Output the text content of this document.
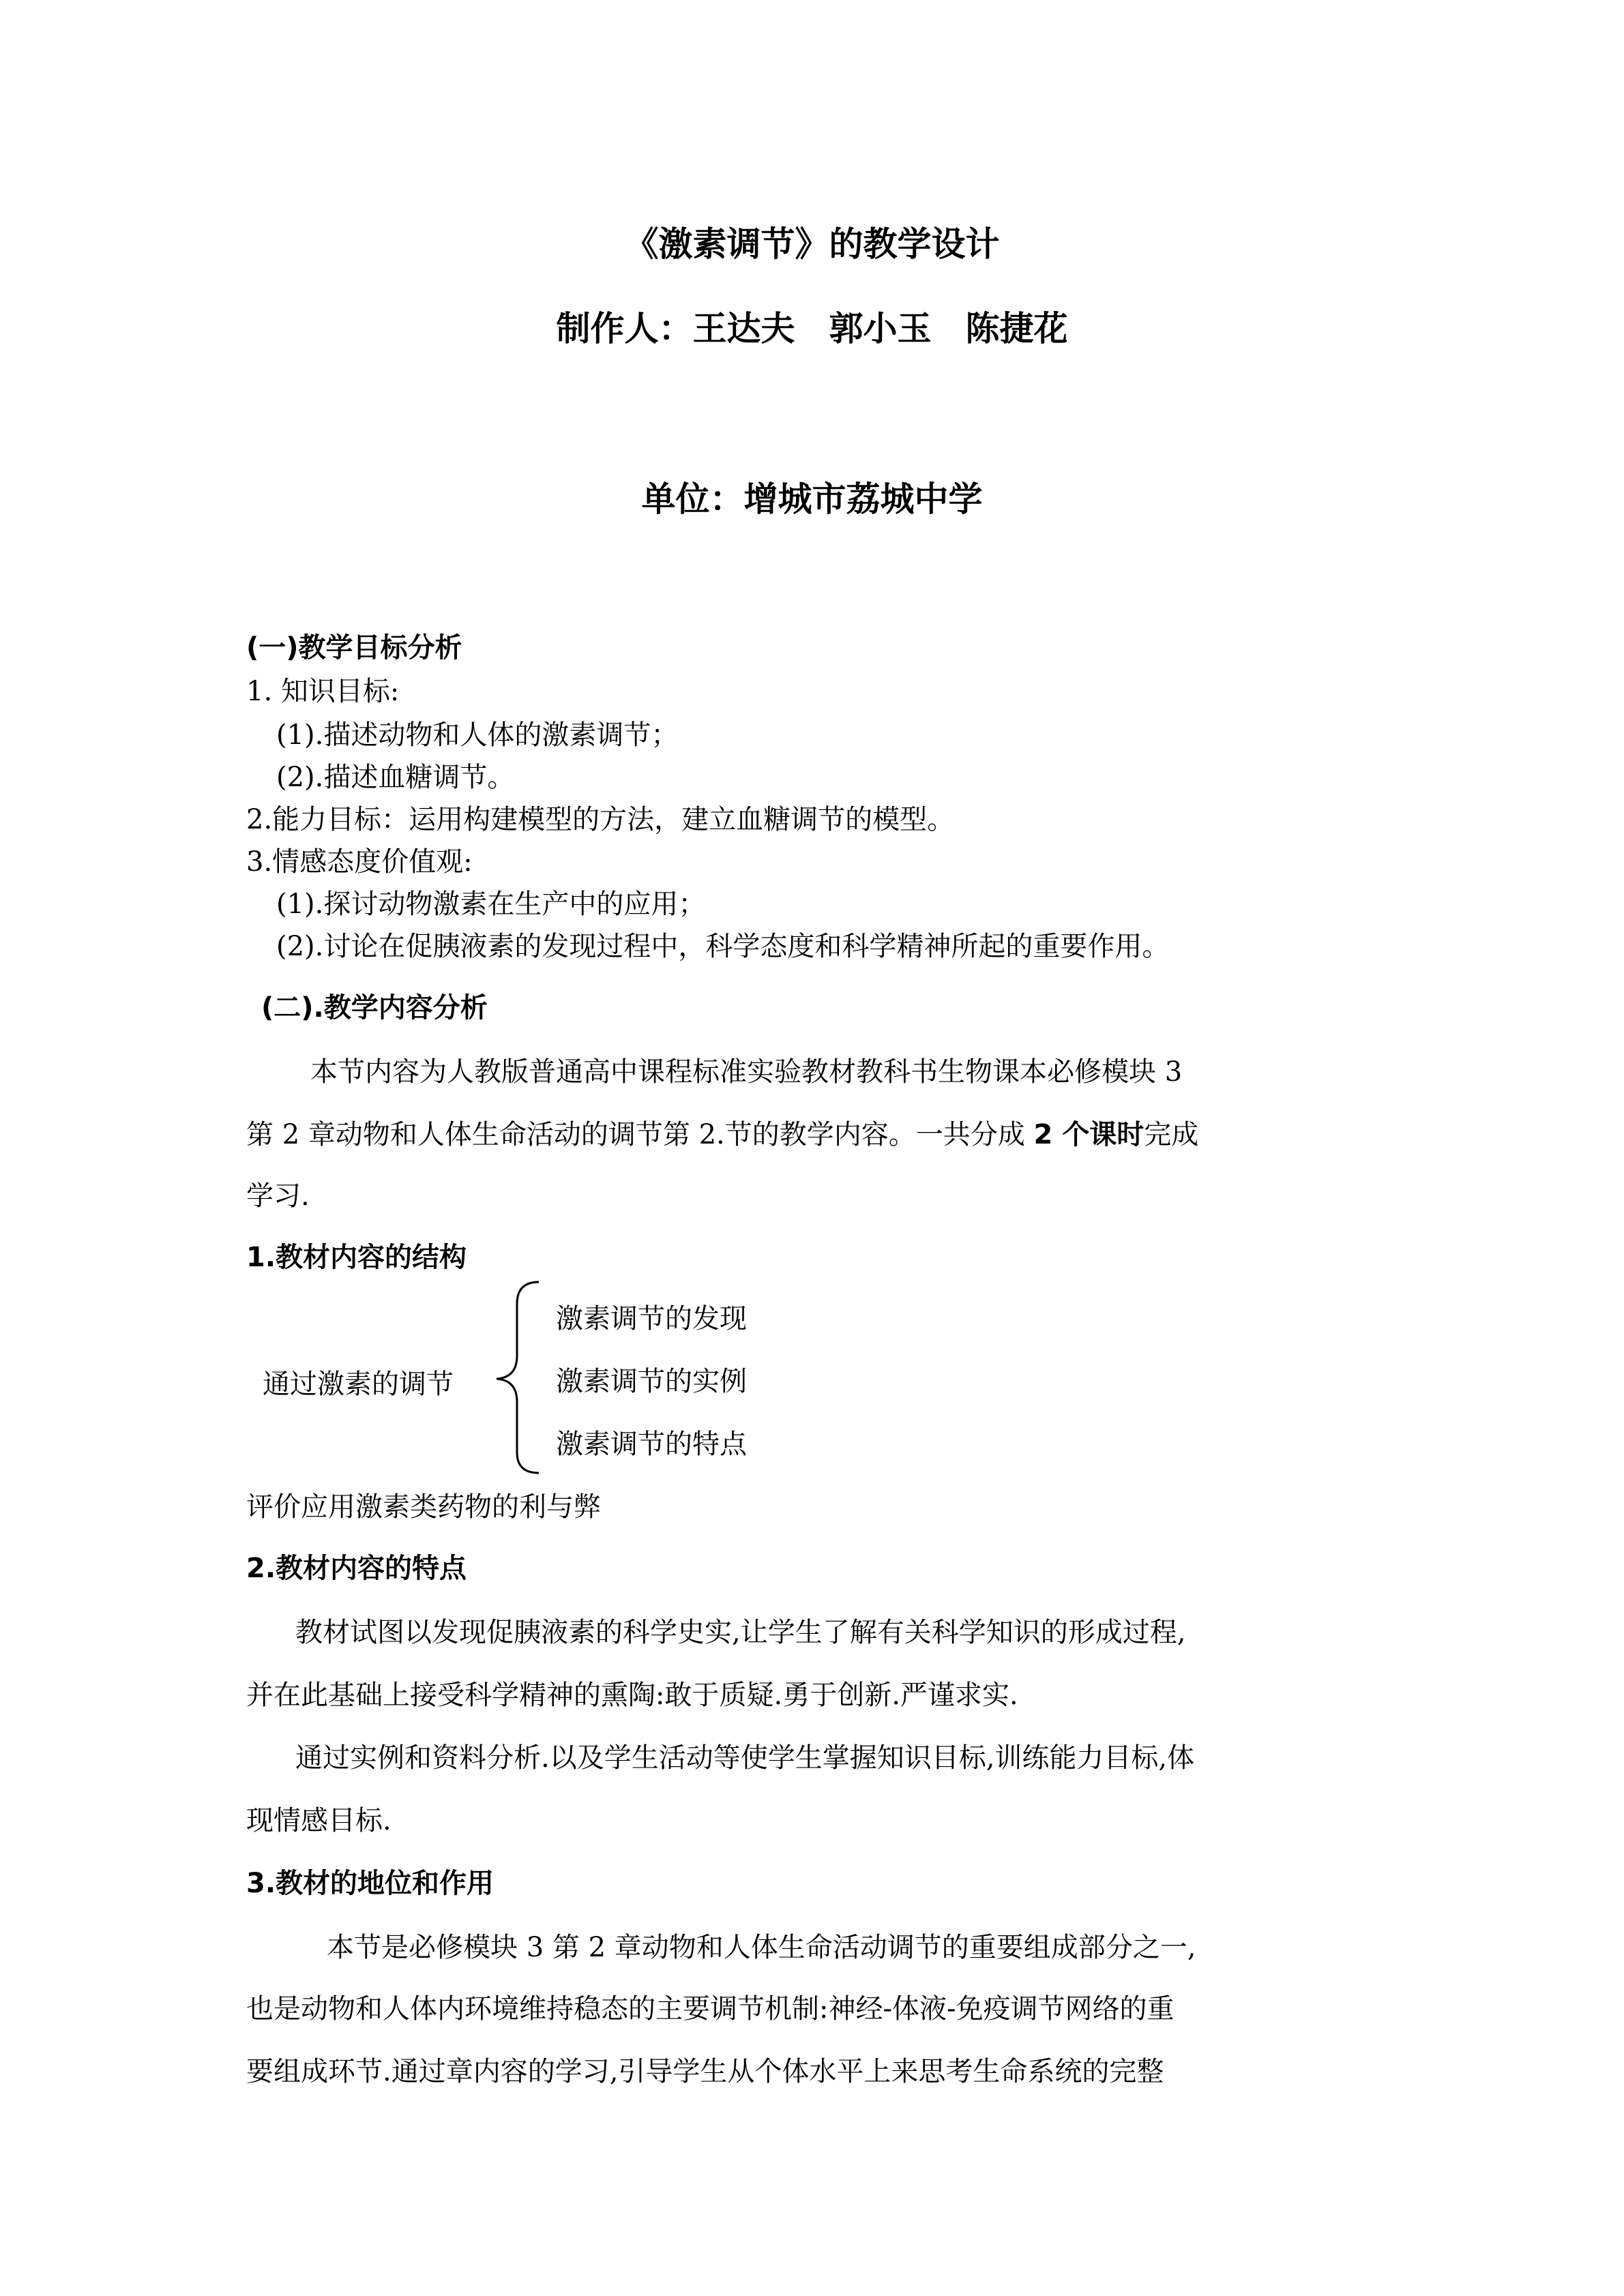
《激素调节》的教学设计
制作人：王达夫　郭小玉　陈捷花
单位：增城市荔城中学
(一)教学目标分析
1. 知识目标:
(1).描述动物和人体的激素调节；
(2).描述血糖调节。
2.能力目标：运用构建模型的方法，建立血糖调节的模型。
3.情感态度价值观:
(1).探讨动物激素在生产中的应用；
(2).讨论在促胰液素的发现过程中，科学态度和科学精神所起的重要作用。
(二).教学内容分析
本节内容为人教版普通高中课程标准实验教材教科书生物课本必修模块 3
第 2 章动物和人体生命活动的调节第 2.节的教学内容。一共分成 2 个课时完成
学习.
1.教材内容的结构
通过激素的调节
激素调节的发现
激素调节的实例
激素调节的特点
评价应用激素类药物的利与弊
2.教材内容的特点
教材试图以发现促胰液素的科学史实,让学生了解有关科学知识的形成过程,
并在此基础上接受科学精神的熏陶:敢于质疑.勇于创新.严谨求实.
通过实例和资料分析.以及学生活动等使学生掌握知识目标,训练能力目标,体
现情感目标.
3.教材的地位和作用
本节是必修模块 3 第 2 章动物和人体生命活动调节的重要组成部分之一,
也是动物和人体内环境维持稳态的主要调节机制:神经-体液-免疫调节网络的重
要组成环节.通过章内容的学习,引导学生从个体水平上来思考生命系统的完整
